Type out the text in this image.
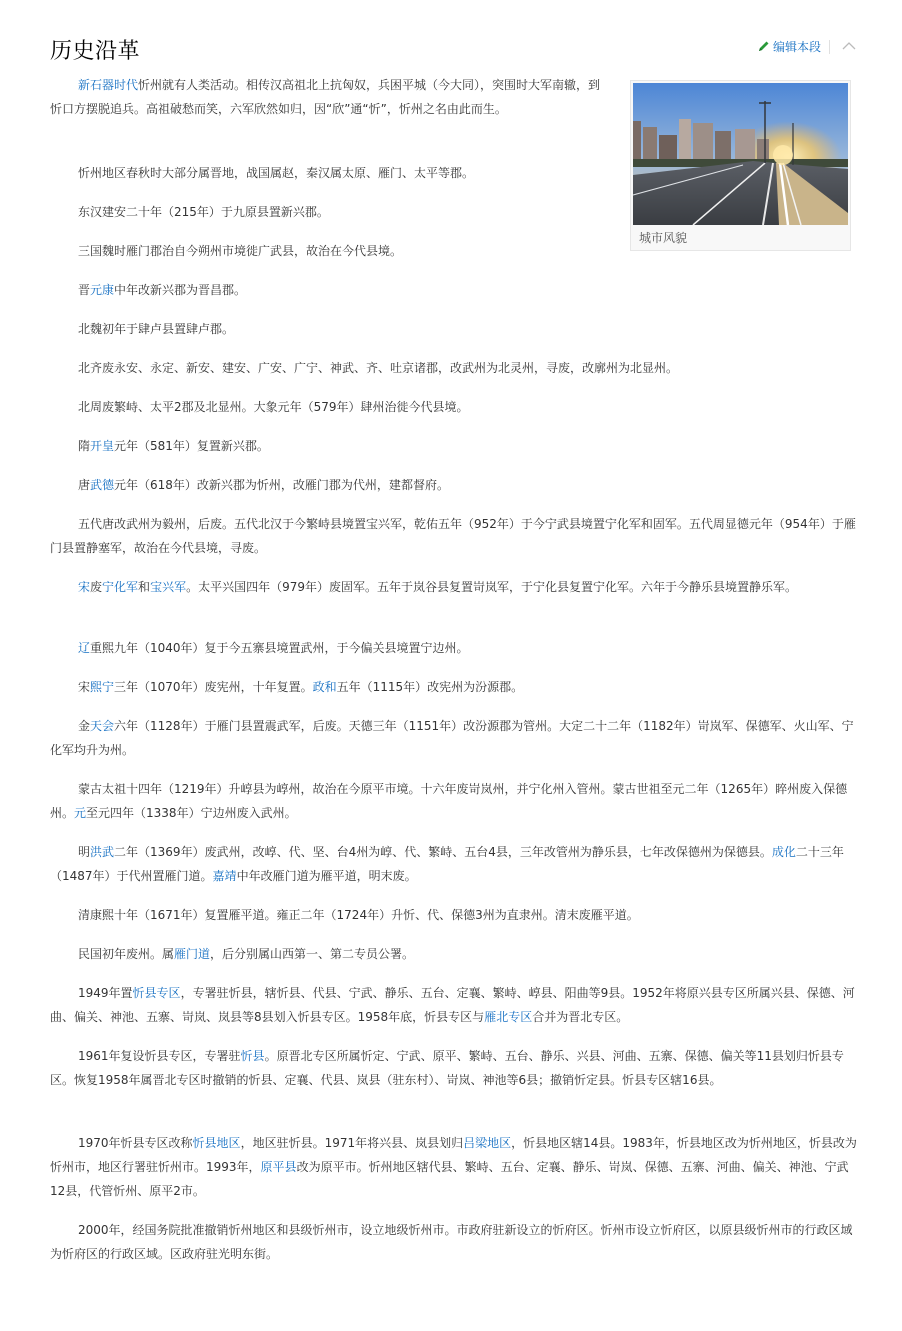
历史沿革	编辑本段
城市风貌

新石器时代忻州就有人类活动。相传汉高祖北上抗匈奴，兵困平城（今大同），突围时大军南辙，到忻口方摆脱追兵。高祖破愁而笑，六军欣然如归，因“欣”通“忻”，忻州之名由此而生。

忻州地区春秋时大部分属晋地，战国属赵，秦汉属太原、雁门、太平等郡。

东汉建安二十年（215年）于九原县置新兴郡。

三国魏时雁门郡治自今朔州市境徙广武县，故治在今代县境。

晋元康中年改新兴郡为晋昌郡。

北魏初年于肆卢县置肆卢郡。

北齐废永安、永定、新安、建安、广安、广宁、神武、齐、吐京诸郡，改武州为北灵州，寻废，改廓州为北显州。

北周废繁峙、太平2郡及北显州。大象元年（579年）肆州治徙今代县境。

隋开皇元年（581年）复置新兴郡。

唐武德元年（618年）改新兴郡为忻州，改雁门郡为代州，建都督府。

五代唐改武州为毅州，后废。五代北汉于今繁峙县境置宝兴军，乾佑五年（952年）于今宁武县境置宁化军和固军。五代周显德元年（954年）于雁门县置静塞军，故治在今代县境，寻废。

宋废宁化军和宝兴军。太平兴国四年（979年）废固军。五年于岚谷县复置岢岚军，于宁化县复置宁化军。六年于今静乐县境置静乐军。

辽重熙九年（1040年）复于今五寨县境置武州，于今偏关县境置宁边州。

宋熙宁三年（1070年）废宪州，十年复置。政和五年（1115年）改宪州为汾源郡。

金天会六年（1128年）于雁门县置震武军，后废。天德三年（1151年）改汾源郡为管州。大定二十二年（1182年）岢岚军、保德军、火山军、宁化军均升为州。

蒙古太祖十四年（1219年）升崞县为崞州，故治在今原平市境。十六年废岢岚州，并宁化州入管州。蒙古世祖至元二年（1265年）睟州废入保德州。元至元四年（1338年）宁边州废入武州。

明洪武二年（1369年）废武州，改崞、代、坚、台4州为崞、代、繁峙、五台4县，三年改管州为静乐县，七年改保德州为保德县。成化二十三年（1487年）于代州置雁门道。嘉靖中年改雁门道为雁平道，明末废。

清康熙十年（1671年）复置雁平道。雍正二年（1724年）升忻、代、保德3州为直隶州。清末废雁平道。

民国初年废州。属雁门道，后分别属山西第一、第二专员公署。

1949年置忻县专区，专署驻忻县，辖忻县、代县、宁武、静乐、五台、定襄、繁峙、崞县、阳曲等9县。1952年将原兴县专区所属兴县、保德、河曲、偏关、神池、五寨、岢岚、岚县等8县划入忻县专区。1958年底，忻县专区与雁北专区合并为晋北专区。

1961年复设忻县专区，专署驻忻县。原晋北专区所属忻定、宁武、原平、繁峙、五台、静乐、兴县、河曲、五寨、保德、偏关等11县划归忻县专区。恢复1958年属晋北专区时撤销的忻县、定襄、代县、岚县（驻东村）、岢岚、神池等6县；撤销忻定县。忻县专区辖16县。

1970年忻县专区改称忻县地区，地区驻忻县。1971年将兴县、岚县划归吕梁地区，忻县地区辖14县。1983年，忻县地区改为忻州地区，忻县改为忻州市，地区行署驻忻州市。1993年，原平县改为原平市。忻州地区辖代县、繁峙、五台、定襄、静乐、岢岚、保德、五寨、河曲、偏关、神池、宁武12县，代管忻州、原平2市。

2000年，经国务院批准撤销忻州地区和县级忻州市，设立地级忻州市。市政府驻新设立的忻府区。忻州市设立忻府区，以原县级忻州市的行政区域为忻府区的行政区域。区政府驻光明东街。
